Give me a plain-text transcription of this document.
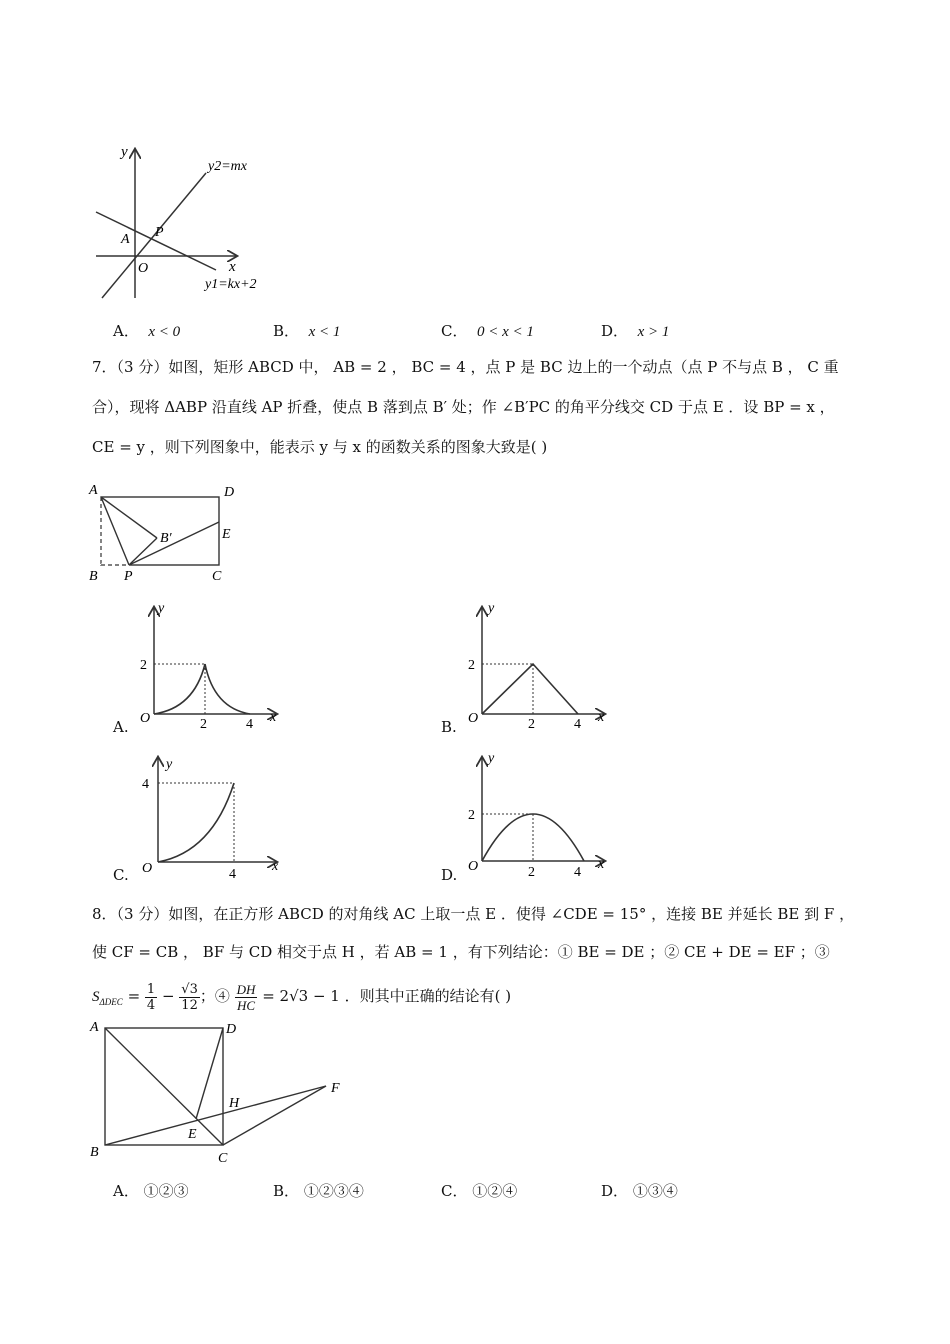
y
x
O
A P
y2=mx
y1=kx+2
A． x < 0	B． x < 1	C． 0 < x < 1	D． x > 1
7．（3 分）如图，矩形 ABCD 中， AB = 2 ， BC = 4 ，点 P 是 BC 边上的一个动点（点 P 不与点 B ， C 重
合），现将 ΔABP 沿直线 AP 折叠，使点 B 落到点 B′ 处；作 ∠B′PC 的角平分线交 CD 于点 E ．设 BP = x ，
CE = y ，则下列图象中，能表示 y 与 x 的函数关系的图象大致是( )
A	D
E
B′
B P	C
y
x
2
O	2	4
A.
y
x
2
O	2	4
B.
y
x
4
O	4
C.
y
x
2
O	2	4
D.
8．（3 分）如图，在正方形 ABCD 的对角线 AC 上取一点 E ．使得 ∠CDE = 15° ，连接 BE 并延长 BE 到 F ，
使 CF = CB ， BF 与 CD 相交于点 H ，若 AB = 1 ，有下列结论：① BE = DE ；② CE + DE = EF ；③
$S_{\Delta DEC} = \frac{1}{4} - \frac{√3}{12}$ ；④ $\frac{DH}{HC} = 2√3 - 1$ ．则其中正确的结论有( )
A	D
H
F
E
B	C
A． ①②③	B． ①②③④	C． ①②④	D． ①③④
